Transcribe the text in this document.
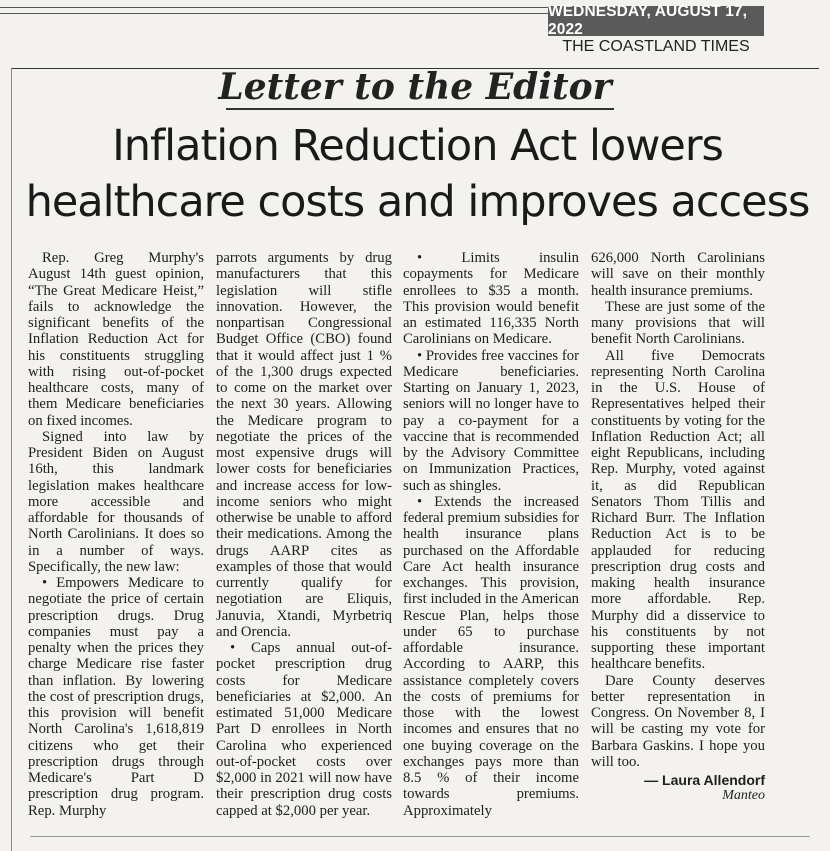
WEDNESDAY, AUGUST 17, 2022
THE COASTLAND TIMES
Letter to the Editor
Inflation Reduction Act lowers
healthcare costs and improves access

Rep. Greg Murphy's August 14th guest opinion, “The Great Medicare Heist,” fails to acknowledge the significant benefits of the Inflation Reduction Act for his constituents struggling with rising out-of-pocket healthcare costs, many of them Medicare beneficiaries on fixed incomes.

Signed into law by President Biden on August 16th, this landmark legislation makes healthcare more accessible and affordable for thousands of North Carolinians. It does so in a number of ways. Specifically, the new law:

• Empowers Medicare to negotiate the price of certain prescription drugs. Drug companies must pay a penalty when the prices they charge Medicare rise faster than inflation. By lowering the cost of prescription drugs, this provision will benefit North Carolina's 1,618,819 citizens who get their prescription drugs through Medicare's Part D prescription drug program. Rep. Murphy

parrots arguments by drug manufacturers that this legislation will stifle innovation. However, the nonpartisan Congressional Budget Office (CBO) found that it would affect just 1 % of the 1,300 drugs expected to come on the market over the next 30 years. Allowing the Medicare program to negotiate the prices of the most expensive drugs will lower costs for beneficiaries and increase access for low-income seniors who might otherwise be unable to afford their medications. Among the drugs AARP cites as examples of those that would currently qualify for negotiation are Eliquis, Januvia, Xtandi, Myrbetriq and Orencia.

• Caps annual out-of-pocket prescription drug costs for Medicare beneficiaries at $2,000. An estimated 51,000 Medicare Part D enrollees in North Carolina who experienced out-of-pocket costs over $2,000 in 2021 will now have their prescription drug costs capped at $2,000 per year.

• Limits insulin copayments for Medicare enrollees to $35 a month. This provision would benefit an estimated 116,335 North Carolinians on Medicare.

• Provides free vaccines for Medicare beneficiaries. Starting on January 1, 2023, seniors will no longer have to pay a co-payment for a vaccine that is recommended by the Advisory Committee on Immunization Practices, such as shingles.

• Extends the increased federal premium subsidies for health insurance plans purchased on the Affordable Care Act health insurance exchanges. This provision, first included in the American Rescue Plan, helps those under 65 to purchase affordable insurance. According to AARP, this assistance completely covers the costs of premiums for those with the lowest incomes and ensures that no one buying coverage on the exchanges pays more than 8.5 % of their income towards premiums. Approximately

626,000 North Carolinians will save on their monthly health insurance premiums.

These are just some of the many provisions that will benefit North Carolinians.

All five Democrats representing North Carolina in the U.S. House of Representatives helped their constituents by voting for the Inflation Reduction Act; all eight Republicans, including Rep. Murphy, voted against it, as did Republican Senators Thom Tillis and Richard Burr. The Inflation Reduction Act is to be applauded for reducing prescription drug costs and making health insurance more affordable. Rep. Murphy did a disservice to his constituents by not supporting these important healthcare benefits.

Dare County deserves better representation in Congress. On November 8, I will be casting my vote for Barbara Gaskins. I hope you will too.

— Laura Allendorf
Manteo
